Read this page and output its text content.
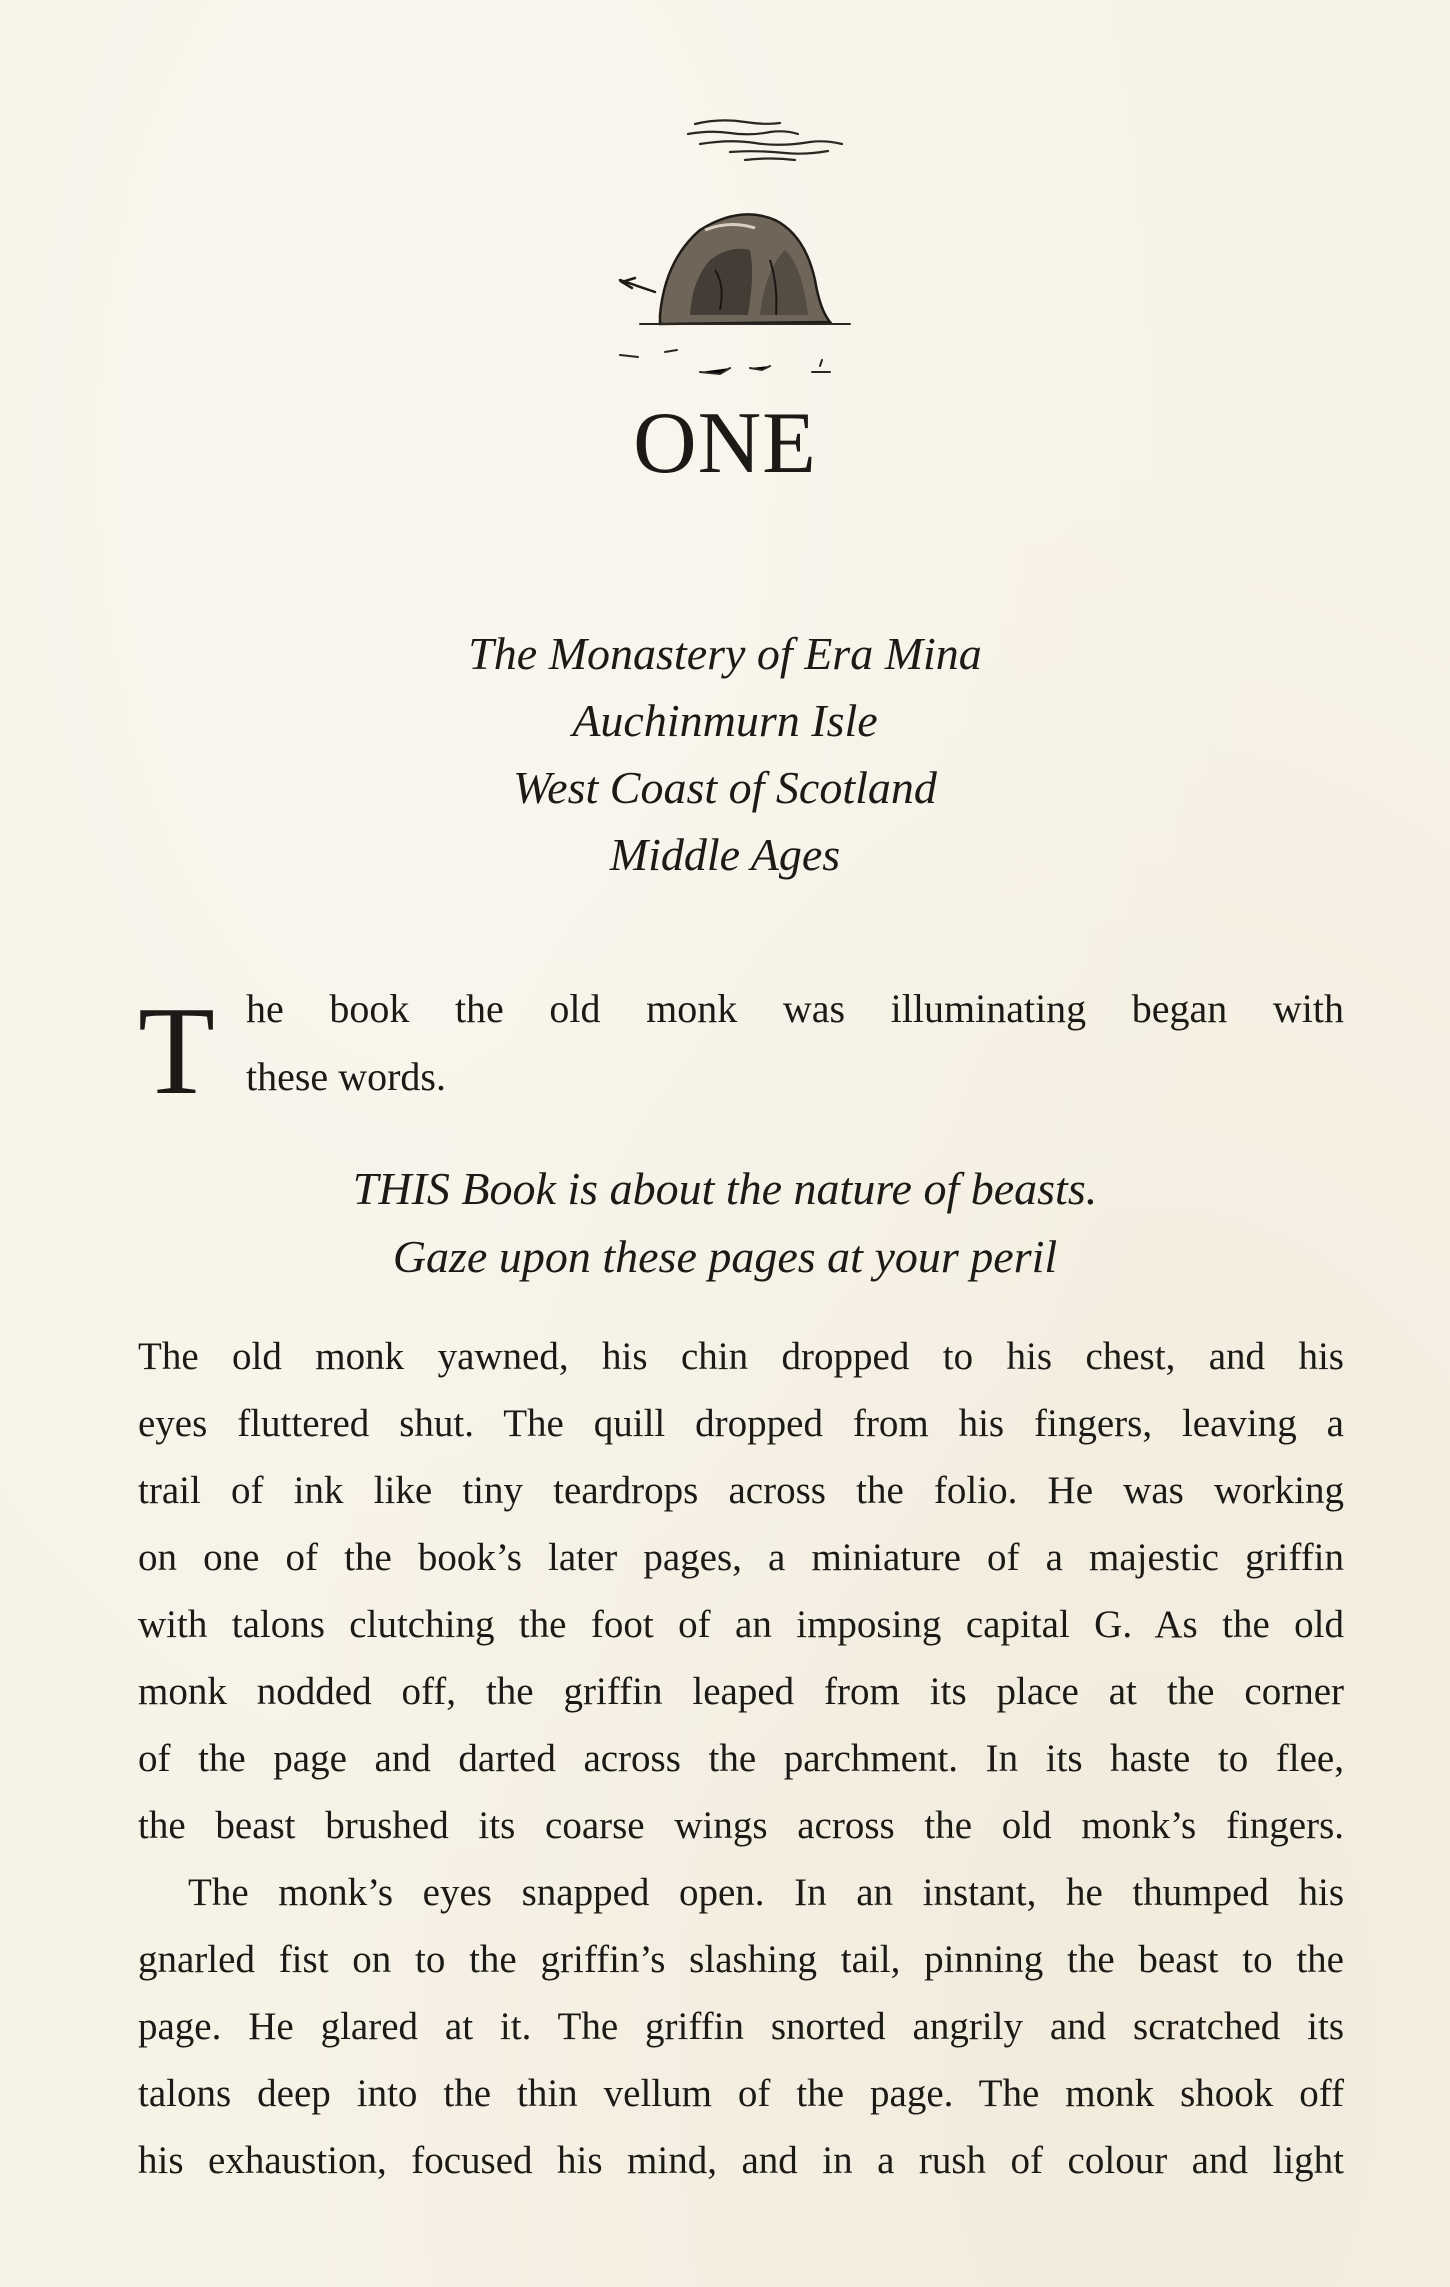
ONE
The Monastery of Era Mina
Auchinmurn Isle
West Coast of Scotland
Middle Ages
T he book the old monk was illuminating began with
these words.
THIS Book is about the nature of beasts.
Gaze upon these pages at your peril
The old monk yawned, his chin dropped to his chest, and his
eyes fluttered shut. The quill dropped from his fingers, leaving a
trail of ink like tiny teardrops across the folio. He was working
on one of the book’s later pages, a miniature of a majestic griffin
with talons clutching the foot of an imposing capital G. As the old
monk nodded off, the griffin leaped from its place at the corner
of the page and darted across the parchment. In its haste to flee,
the beast brushed its coarse wings across the old monk’s fingers.
The monk’s eyes snapped open. In an instant, he thumped his
gnarled fist on to the griffin’s slashing tail, pinning the beast to the
page. He glared at it. The griffin snorted angrily and scratched its
talons deep into the thin vellum of the page. The monk shook off
his exhaustion, focused his mind, and in a rush of colour and light
